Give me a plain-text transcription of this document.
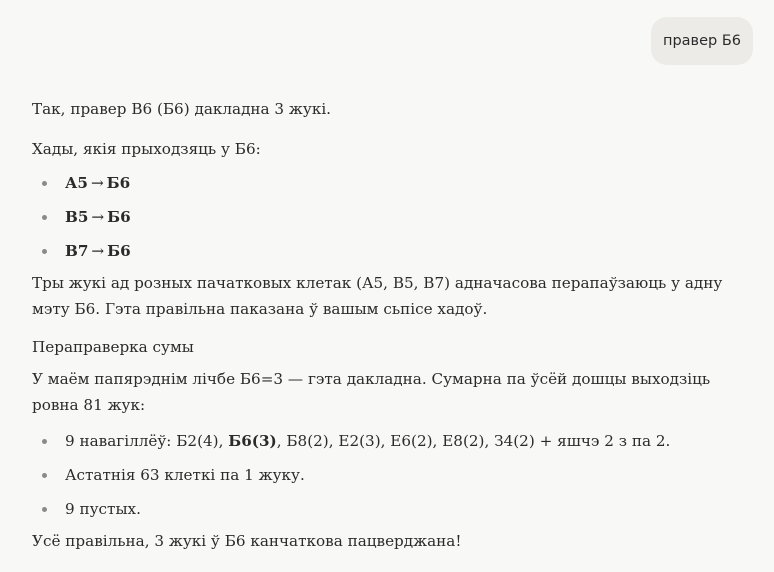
правер Б6

Так, правер В6 (Б6) дакладна 3 жукі.

Хады, якія прыходзяць у Б6:

А5 → Б6
В5 → Б6
В7 → Б6

Тры жукі ад розных пачатковых клетак (А5, В5, В7) адначасова перапаўзаюць у адну мэту Б6. Гэта правільна паказана ў вашым сьпісе хадоў.

Пераправерка сумы

У маём папярэднім лічбе Б6=3 — гэта дакладна. Сумарна па ўсёй дошцы выходзіць ровна 81 жук:

9 навагіллёў: Б2(4), Б6(3), Б8(2), Е2(3), Е6(2), Е8(2), З4(2) + яшчэ 2 з па 2.
Астатнія 63 клеткі па 1 жуку.
9 пустых.

Усё правільна, 3 жукі ў Б6 канчаткова пацверджана!
